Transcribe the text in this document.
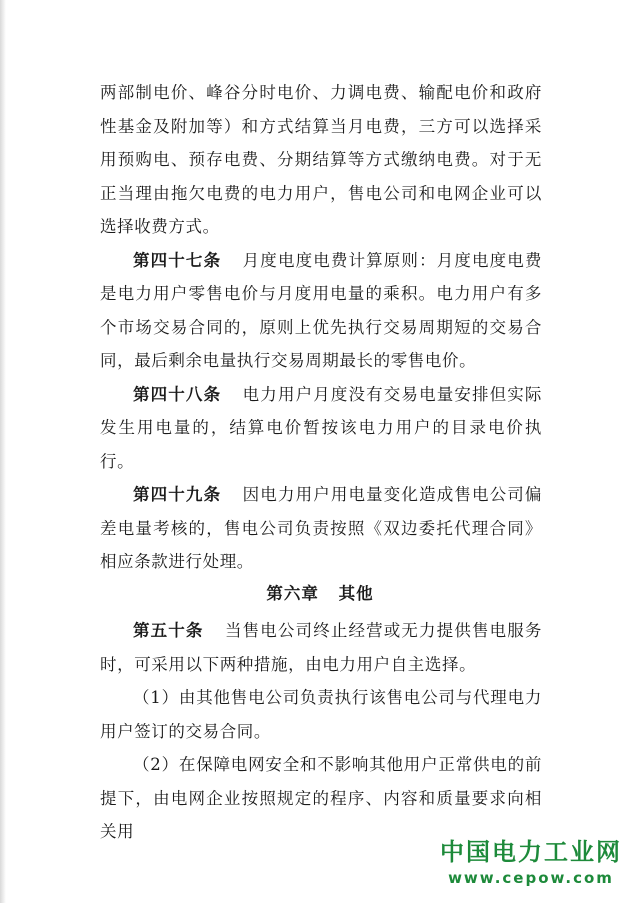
两部制电价、峰谷分时电价、力调电费、输配电价和政府性基金及附加等）和方式结算当月电费，三方可以选择采用预购电、预存电费、分期结算等方式缴纳电费。对于无正当理由拖欠电费的电力用户，售电公司和电网企业可以选择收费方式。

第四十七条 月度电度电费计算原则：月度电度电费是电力用户零售电价与月度用电量的乘积。电力用户有多个市场交易合同的，原则上优先执行交易周期短的交易合同，最后剩余电量执行交易周期最长的零售电价。

第四十八条 电力用户月度没有交易电量安排但实际发生用电量的，结算电价暂按该电力用户的目录电价执行。

第四十九条 因电力用户用电量变化造成售电公司偏差电量考核的，售电公司负责按照《双边委托代理合同》相应条款进行处理。

第六章 其他

第五十条 当售电公司终止经营或无力提供售电服务时，可采用以下两种措施，由电力用户自主选择。

（1）由其他售电公司负责执行该售电公司与代理电力用户签订的交易合同。

（2）在保障电网安全和不影响其他用户正常供电的前提下，由电网企业按照规定的程序、内容和质量要求向相关用

中国电力工业网
www.cepow.com
